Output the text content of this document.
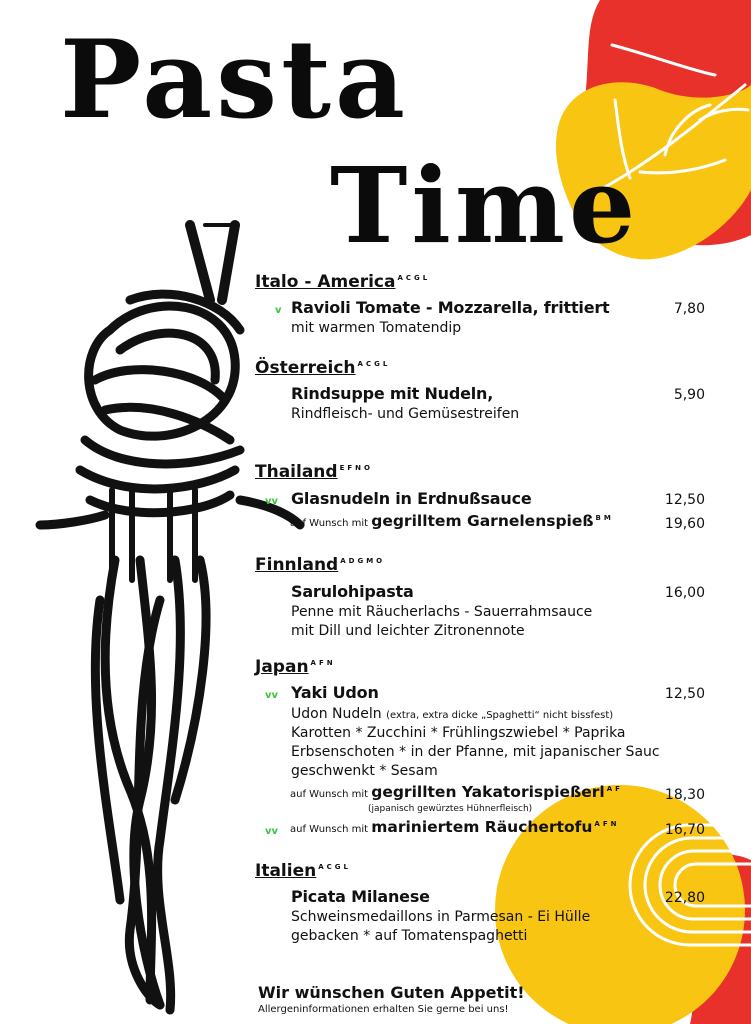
Pasta
Time
Italo - America ACGL
v Ravioli Tomate - Mozzarella, frittiert
mit warmen Tomatendip
7,80
Österreich ACGL
Rindsuppe mit Nudeln,
Rindfleisch- und Gemüsestreifen
5,90
Thailand EFNO
vv Glasnudeln in Erdnußsauce	12,50
auf Wunsch mit gegrilltem Garnelenspieß BM	19,60
Finnland ADGMO
Sarulohipasta
Penne mit Räucherlachs - Sauerrahmsauce
mit Dill und leichter Zitronennote
16,00
Japan AFN
vv Yaki Udon	12,50
Udon Nudeln (extra, extra dicke „Spaghetti“ nicht bissfest)
Karotten * Zucchini * Frühlingszwiebel * Paprika
Erbsenschoten * in der Pfanne, mit japanischer Sauc
geschwenkt * Sesam
auf Wunsch mit gegrillten Yakatorispießerl AF
(japanisch gewürztes Hühnerfleisch)
18,30
vv auf Wunsch mit mariniertem Räuchertofu AFN	16,70
Italien ACGL
Picata Milanese
Schweinsmedaillons in Parmesan - Ei Hülle
gebacken * auf Tomatenspaghetti
22,80
Wir wünschen Guten Appetit!
Allergeninformationen erhalten Sie gerne bei uns!
